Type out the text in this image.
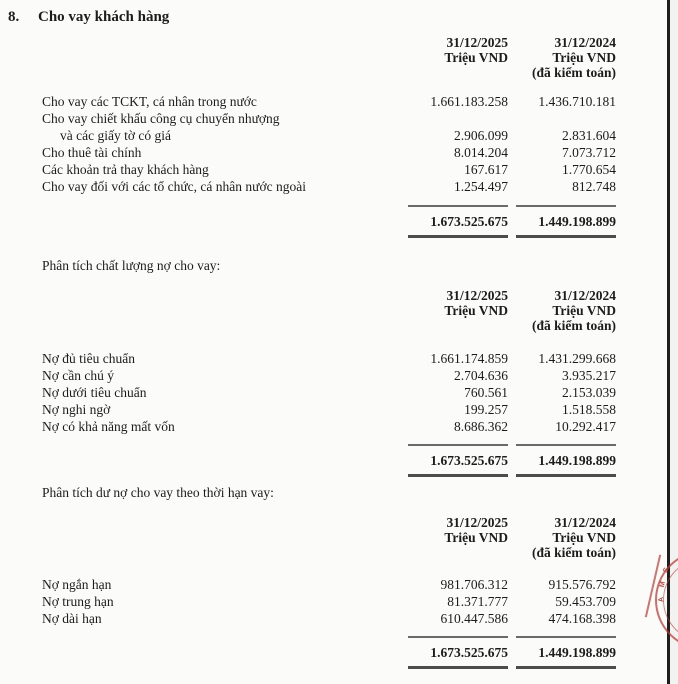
8.	Cho vay khách hàng
31/12/2025	31/12/2024
Triệu VND	Triệu VND
(đã kiểm toán)
Cho vay các TCKT, cá nhân trong nước	1.661.183.258	1.436.710.181
Cho vay chiết khấu công cụ chuyển nhượng
và các giấy tờ có giá	2.906.099	2.831.604
Cho thuê tài chính	8.014.204	7.073.712
Các khoản trả thay khách hàng	167.617	1.770.654
Cho vay đối với các tổ chức, cá nhân nước ngoài	1.254.497	812.748
1.673.525.675	1.449.198.899
Phân tích chất lượng nợ cho vay:
31/12/2025	31/12/2024
Triệu VND	Triệu VND
(đã kiểm toán)
Nợ đủ tiêu chuẩn	1.661.174.859	1.431.299.668
Nợ cần chú ý	2.704.636	3.935.217
Nợ dưới tiêu chuẩn	760.561	2.153.039
Nợ nghi ngờ	199.257	1.518.558
Nợ có khả năng mất vốn	8.686.362	10.292.417
1.673.525.675	1.449.198.899
Phân tích dư nợ cho vay theo thời hạn vay:
31/12/2025	31/12/2024
Triệu VND	Triệu VND
(đã kiểm toán)
Nợ ngắn hạn	981.706.312	915.576.792
Nợ trung hạn	81.371.777	59.453.709
Nợ dài hạn	610.447.586	474.168.398
1.673.525.675	1.449.198.899
S
M
A
